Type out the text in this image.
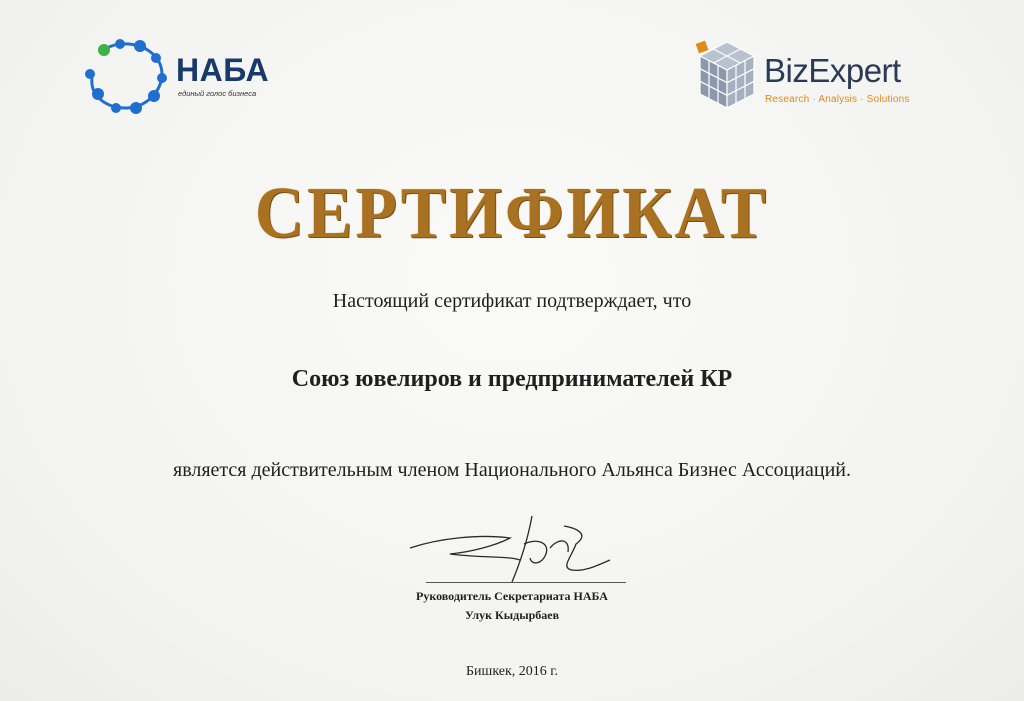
НАБА
единый голос бизнеса
BizExpert
Research · Analysis · Solutions
СЕРТИФИКАТ
Настоящий сертификат подтверждает, что
Союз ювелиров и предпринимателей КР
является действительным членом Национального Альянса Бизнес Ассоциаций.
Руководитель Секретариата НАБА
Улук Кыдырбаев
Бишкек, 2016 г.
